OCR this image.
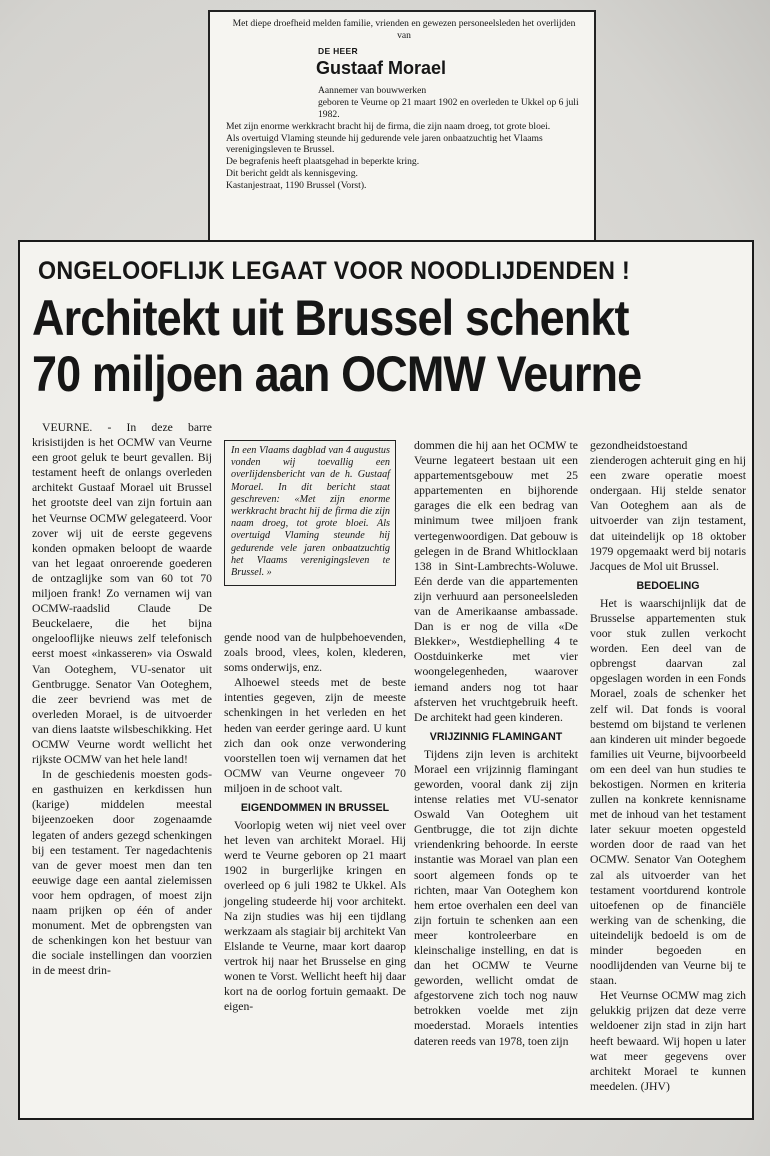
Met diepe droefheid melden familie, vrienden en gewezen personeelsleden het overlijden van

DE HEER
Gustaaf Morael

Aannemer van bouwwerken

geboren te Veurne op 21 maart 1902 en overleden te Ukkel op 6 juli 1982.

Met zijn enorme werkkracht bracht hij de firma, die zijn naam droeg, tot grote bloei.

Als overtuigd Vlaming steunde hij gedurende vele jaren onbaatzuchtig het Vlaams verenigingsleven te Brussel.

De begrafenis heeft plaatsgehad in beperkte kring.

Dit bericht geldt als kennisgeving.

Kastanjestraat, 1190 Brussel (Vorst).

ONGELOOFLIJK LEGAAT VOOR NOODLIJDENDEN !
Architekt uit Brussel schenkt
70 miljoen aan OCMW Veurne

VEURNE. - In deze barre krisistijden is het OCMW van Veurne een groot geluk te beurt gevallen. Bij testament heeft de onlangs overleden architekt Gustaaf Morael uit Brussel het grootste deel van zijn fortuin aan het Veurnse OCMW gelegateerd. Voor zover wij uit de eerste gegevens konden opmaken beloopt de waarde van het legaat onroerende goederen de ontzaglijke som van 60 tot 70 miljoen frank! Zo vernamen wij van OCMW-raadslid Claude De Beuckelaere, die het bijna ongelooflijke nieuws zelf telefonisch eerst moest «inkasseren» via Oswald Van Ooteghem, VU-senator uit Gentbrugge. Senator Van Ooteghem, die zeer bevriend was met de overleden Morael, is de uitvoerder van diens laatste wilsbeschikking. Het OCMW Veurne wordt wellicht het rijkste OCMW van het hele land!

In de geschiedenis moesten gods- en gasthuizen en kerkdissen hun (karige) middelen meestal bijeenzoeken door zogenaamde legaten of anders gezegd schenkingen bij een testament. Ter nagedachtenis van de gever moest men dan ten eeuwige dage een aantal zielemissen voor hem opdragen, of moest zijn naam prijken op één of ander monument. Met de opbrengsten van de schenkingen kon het bestuur van die sociale instellingen dan voorzien in de meest drin-

In een Vlaams dagblad van 4 augustus vonden wij toevallig een overlijdensbericht van de h. Gustaaf Morael. In dit bericht staat geschreven: «Met zijn enorme werkkracht bracht hij de firma die zijn naam droeg, tot grote bloei. Als overtuigd Vlaming steunde hij gedurende vele jaren onbaatzuchtig het Vlaams verenigingsleven te Brussel. »

gende nood van de hulpbehoevenden, zoals brood, vlees, kolen, klederen, soms onderwijs, enz.

Alhoewel steeds met de beste intenties gegeven, zijn de meeste schenkingen in het verleden en het heden van eerder geringe aard. U kunt zich dan ook onze verwondering voorstellen toen wij vernamen dat het OCMW van Veurne ongeveer 70 miljoen in de schoot valt.

EIGENDOMMEN IN BRUSSEL

Voorlopig weten wij niet veel over het leven van architekt Morael. Hij werd te Veurne geboren op 21 maart 1902 in burgerlijke kringen en overleed op 6 juli 1982 te Ukkel. Als jongeling studeerde hij voor architekt. Na zijn studies was hij een tijdlang werkzaam als stagiair bij architekt Van Elslande te Veurne, maar kort daarop vertrok hij naar het Brusselse en ging wonen te Vorst. Wellicht heeft hij daar kort na de oorlog fortuin gemaakt. De eigen-

dommen die hij aan het OCMW te Veurne legateert bestaan uit een appartementsgebouw met 25 appartementen en bijhorende garages die elk een bedrag van minimum twee miljoen frank vertegenwoordigen. Dat gebouw is gelegen in de Brand Whitlocklaan 138 in Sint-Lambrechts-Woluwe. Eén derde van die appartementen zijn verhuurd aan personeelsleden van de Amerikaanse ambassade. Dan is er nog de villa «De Blekker», Westdiephelling 4 te Oostduinkerke met vier woongelegenheden, waarover iemand anders nog tot haar afsterven het vruchtgebruik heeft. De architekt had geen kinderen.

VRIJZINNIG FLAMINGANT

Tijdens zijn leven is architekt Morael een vrijzinnig flamingant geworden, vooral dank zij zijn intense relaties met VU-senator Oswald Van Ooteghem uit Gentbrugge, die tot zijn dichte vriendenkring behoorde. In eerste instantie was Morael van plan een soort algemeen fonds op te richten, maar Van Ooteghem kon hem ertoe overhalen een deel van zijn fortuin te schenken aan een meer kontroleerbare en kleinschalige instelling, en dat is dan het OCMW te Veurne geworden, wellicht omdat de afgestorvene zich toch nog nauw betrokken voelde met zijn moederstad. Moraels intenties dateren reeds van 1978, toen zijn

gezondheidstoestand zienderogen achteruit ging en hij een zware operatie moest ondergaan. Hij stelde senator Van Ooteghem aan als de uitvoerder van zijn testament, dat uiteindelijk op 18 oktober 1979 opgemaakt werd bij notaris Jacques de Mol uit Brussel.

BEDOELING

Het is waarschijnlijk dat de Brusselse appartementen stuk voor stuk zullen verkocht worden. Een deel van de opbrengst daarvan zal opgeslagen worden in een Fonds Morael, zoals de schenker het zelf wil. Dat fonds is vooral bestemd om bijstand te verlenen aan kinderen uit minder begoede families uit Veurne, bijvoorbeeld om een deel van hun studies te bekostigen. Normen en kriteria zullen na konkrete kennisname met de inhoud van het testament later sekuur moeten opgesteld worden door de raad van het OCMW. Senator Van Ooteghem zal als uitvoerder van het testament voortdurend kontrole uitoefenen op de financiële werking van de schenking, die uiteindelijk bedoeld is om de minder begoeden en noodlijdenden van Veurne bij te staan.

Het Veurnse OCMW mag zich gelukkig prijzen dat deze verre weldoener zijn stad in zijn hart heeft bewaard. Wij hopen u later wat meer gegevens over architekt Morael te kunnen meedelen. (JHV)
